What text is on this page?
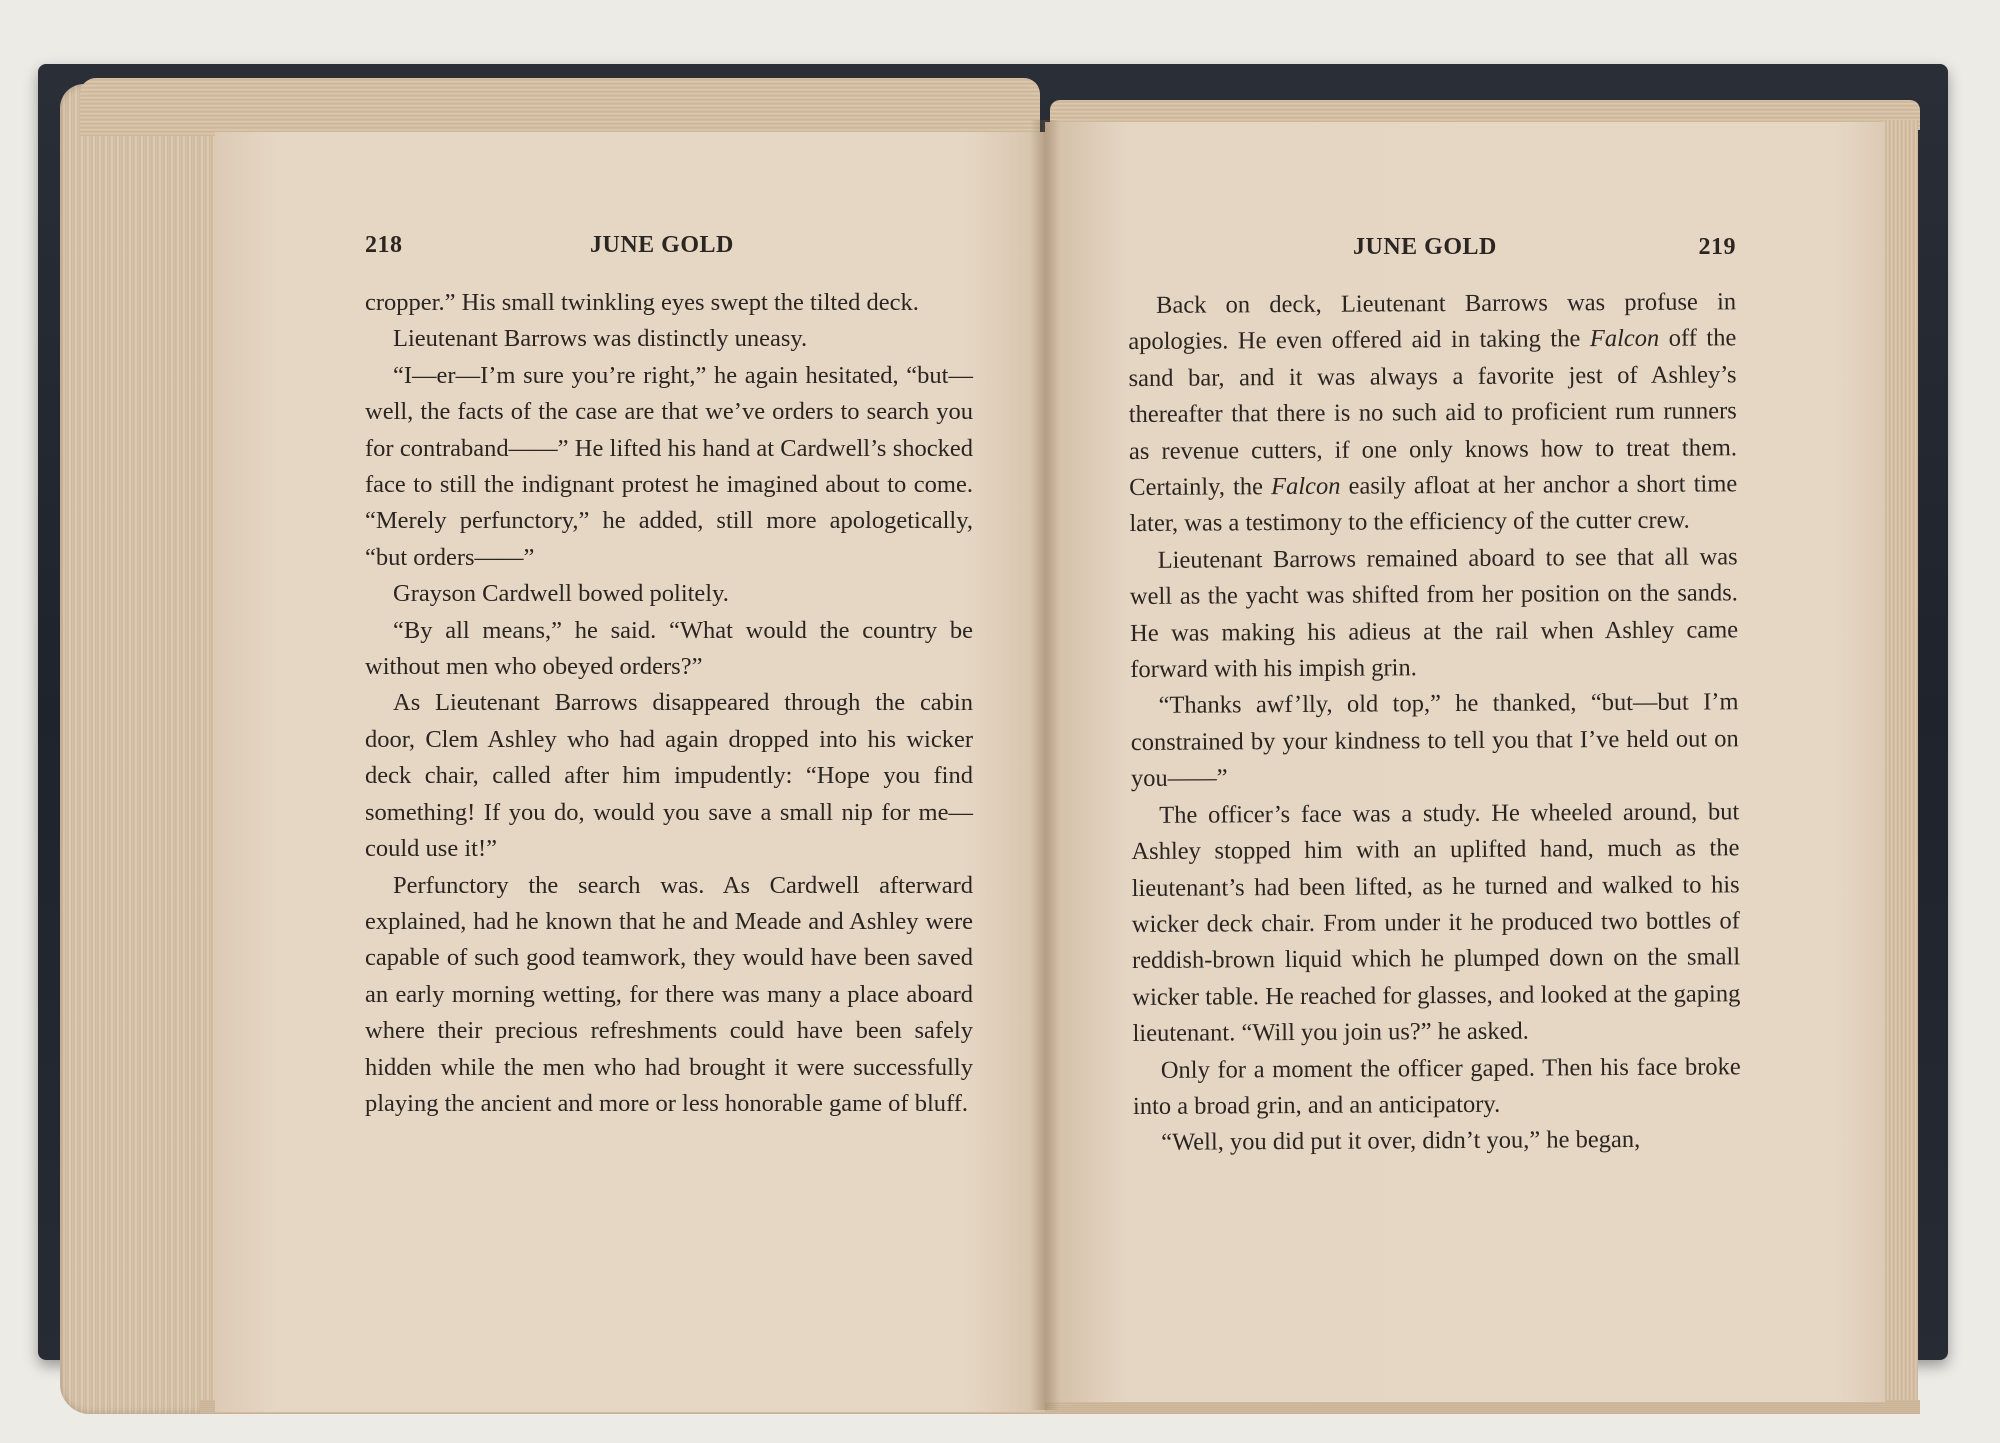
218	JUNE GOLD	JUNE GOLD	219

cropper.” His small twinkling eyes swept the tilted deck.

Lieutenant Barrows was distinctly uneasy.

“I—er—I’m sure you’re right,” he again hesitated, “but—well, the facts of the case are that we’ve orders to search you for contraband——” He lifted his hand at Cardwell’s shocked face to still the indignant protest he imagined about to come. “Merely perfunctory,” he added, still more apologetically, “but orders——”

Grayson Cardwell bowed politely.

“By all means,” he said. “What would the country be without men who obeyed orders?”

As Lieutenant Barrows disappeared through the cabin door, Clem Ashley who had again dropped into his wicker deck chair, called after him impudently: “Hope you find something! If you do, would you save a small nip for me—could use it!”

Perfunctory the search was. As Cardwell afterward explained, had he known that he and Meade and Ashley were capable of such good teamwork, they would have been saved an early morning wetting, for there was many a place aboard where their precious refreshments could have been safely hidden while the men who had brought it were successfully playing the ancient and more or less honorable game of bluff.

Back on deck, Lieutenant Barrows was profuse in apologies. He even offered aid in taking the Falcon off the sand bar, and it was always a favorite jest of Ashley’s thereafter that there is no such aid to proficient rum runners as revenue cutters, if one only knows how to treat them. Certainly, the Falcon easily afloat at her anchor a short time later, was a testimony to the efficiency of the cutter crew.

Lieutenant Barrows remained aboard to see that all was well as the yacht was shifted from her position on the sands. He was making his adieus at the rail when Ashley came forward with his impish grin.

“Thanks awf’lly, old top,” he thanked, “but—but I’m constrained by your kindness to tell you that I’ve held out on you——”

The officer’s face was a study. He wheeled around, but Ashley stopped him with an uplifted hand, much as the lieutenant’s had been lifted, as he turned and walked to his wicker deck chair. From under it he produced two bottles of reddish-brown liquid which he plumped down on the small wicker table. He reached for glasses, and looked at the gaping lieutenant. “Will you join us?” he asked.

Only for a moment the officer gaped. Then his face broke into a broad grin, and an anticipatory.

“Well, you did put it over, didn’t you,” he began,
